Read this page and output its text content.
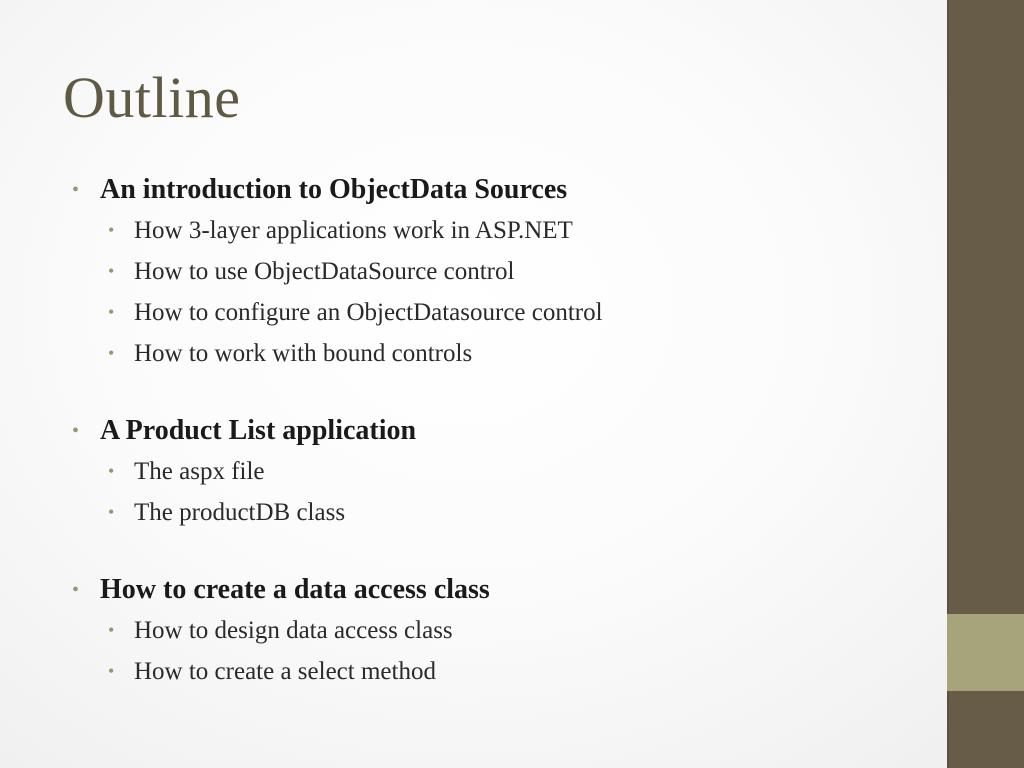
Outline
• An introduction to ObjectData Sources
• How 3-layer applications work in ASP.NET
• How to use ObjectDataSource control
• How to configure an ObjectDatasource control
• How to work with bound controls
• A Product List application
• The aspx file
• The productDB class
• How to create a data access class
• How to design data access class
• How to create a select method
